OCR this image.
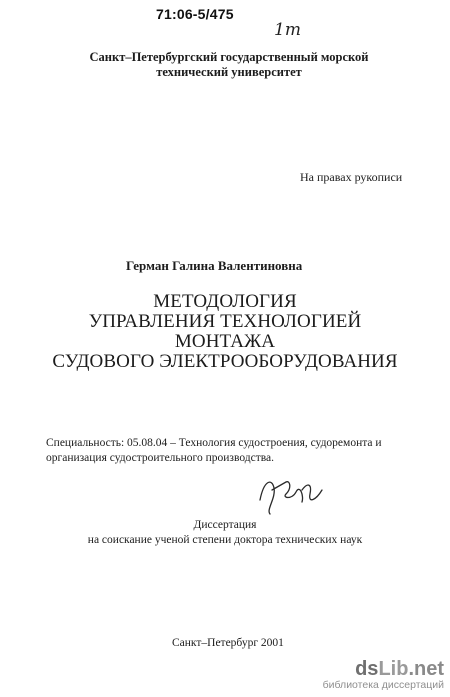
71:06-5/475
1т
Санкт–Петербургский государственный морской
технический университет
На правах рукописи
Герман Галина Валентиновна
МЕТОДОЛОГИЯ
УПРАВЛЕНИЯ ТЕХНОЛОГИЕЙ МОНТАЖА
СУДОВОГО ЭЛЕКТРООБОРУДОВАНИЯ
Специальность: 05.08.04 – Технология судостроения, судоремонта и
организация судостроительного производства.
Диссертация
на соискание ученой степени доктора технических наук
Санкт–Петербург 2001
dsLib.net
библиотека диссертаций
